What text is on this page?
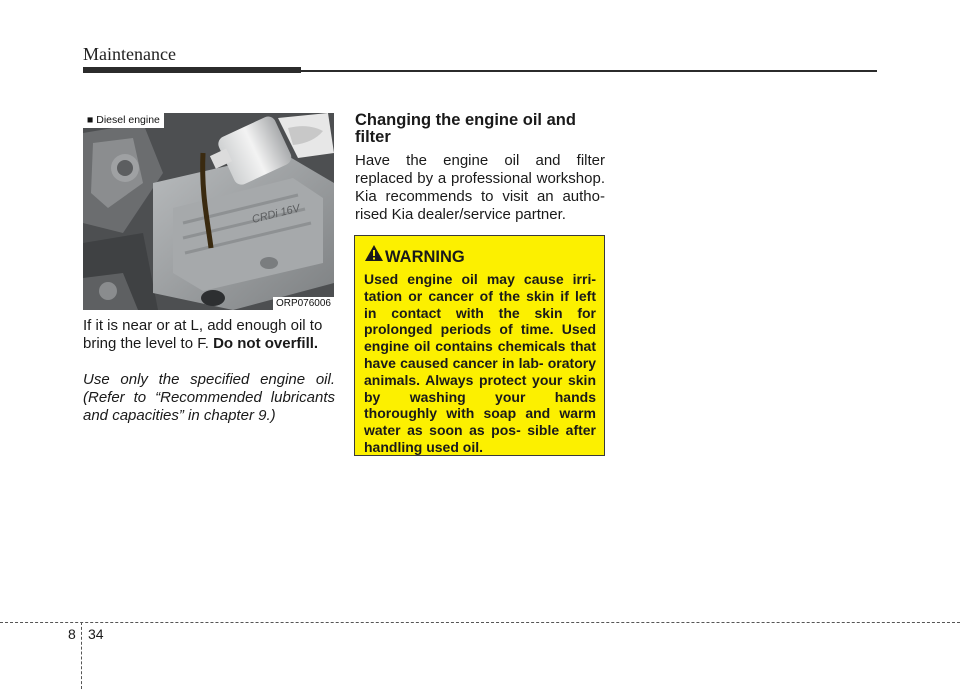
Maintenance
CRDi 16V
■ Diesel engine
ORP076006
If it is near or at L, add enough oil to bring the level to F. Do not overfill.
Use only the specified engine oil. (Refer to “Recommended lubricants and capacities” in chapter 9.)
Changing the engine oil and filter
Have the engine oil and filter replaced by a professional workshop. Kia recommends to visit an autho- rised Kia dealer/service partner.
WARNING
Used engine oil may cause irri- tation or cancer of the skin if left in contact with the skin for prolonged periods of time. Used engine oil contains chemicals that have caused cancer in lab- oratory animals. Always protect your skin by washing your hands thoroughly with soap and warm water as soon as pos- sible after handling used oil.
8 34
